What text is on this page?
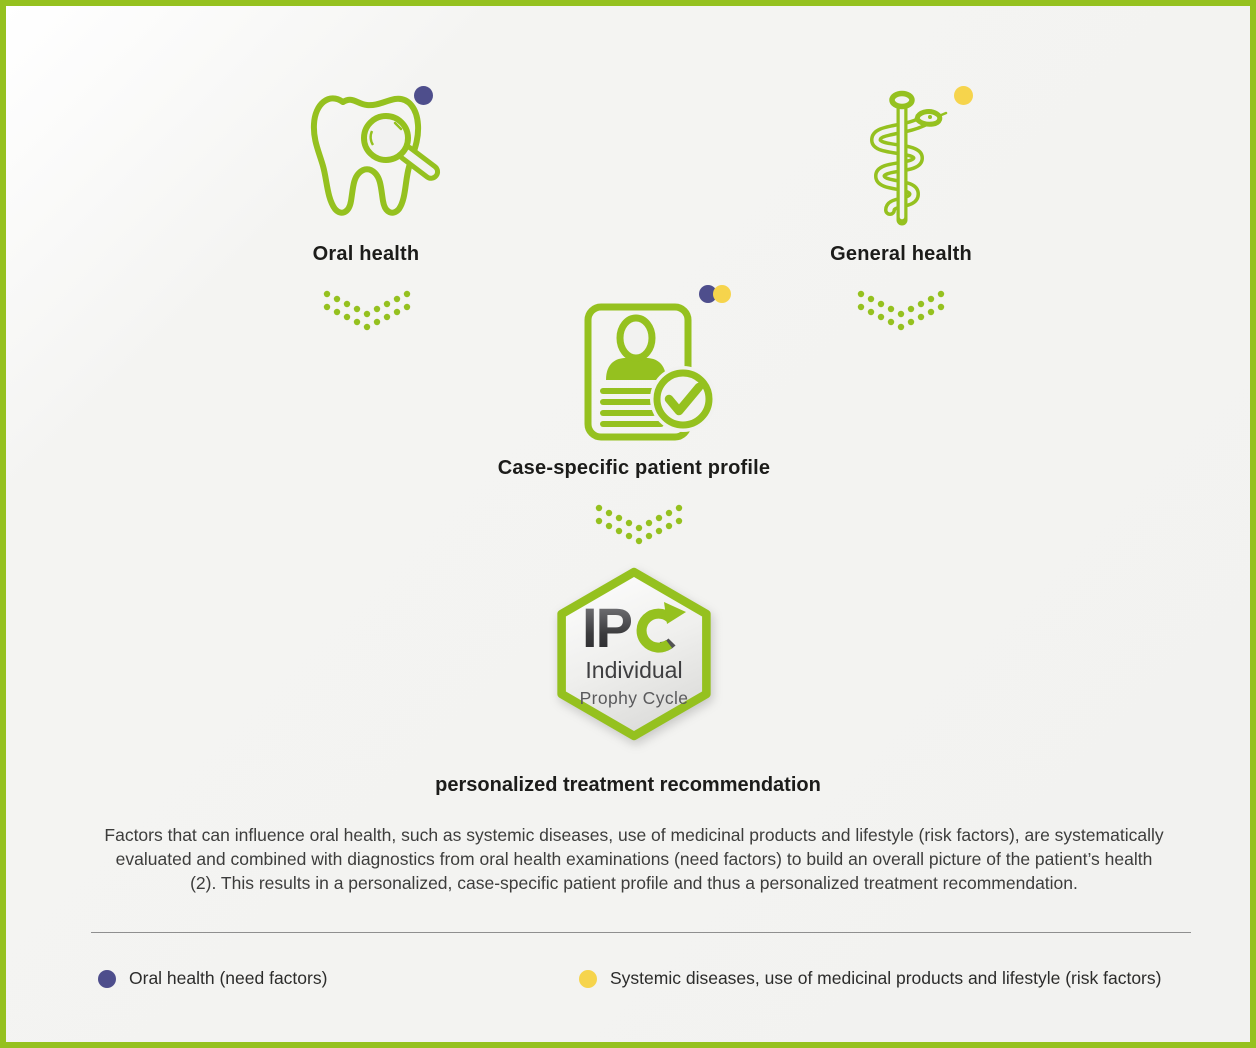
Oral health	General health
Case-specific patient profile
IP
Individual
Prophy Cycle
personalized treatment recommendation
Factors that can influence oral health, such as systemic diseases, use of medicinal products and lifestyle (risk factors), are systematically evaluated and combined with diagnostics from oral health examinations (need factors) to build an overall picture of the patient’s health (2). This results in a personalized, case-specific patient profile and thus a personalized treatment recommendation.
Oral health (need factors)	Systemic diseases, use of medicinal products and lifestyle (risk factors)
